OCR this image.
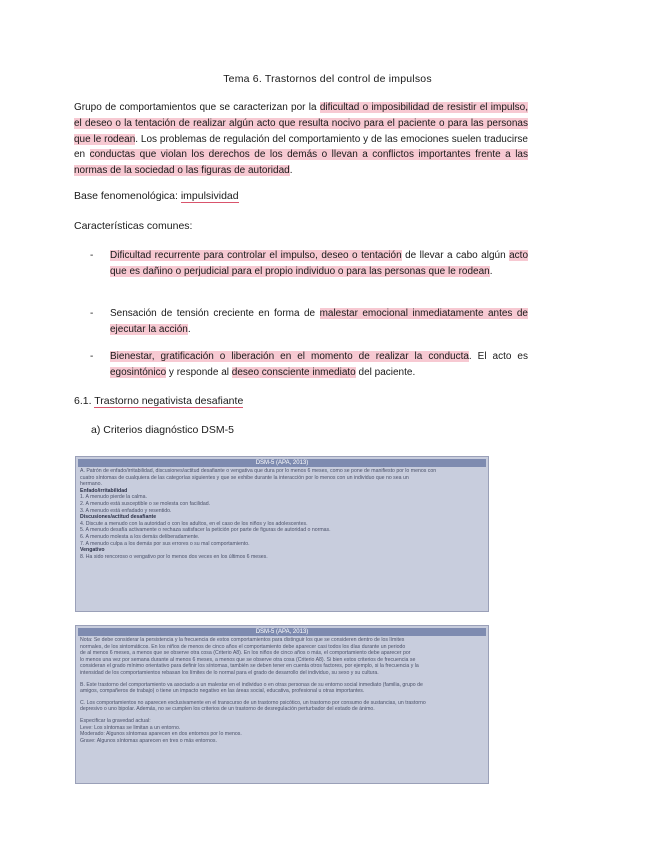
Tema 6. Trastornos del control de impulsos
Grupo de comportamientos que se caracterizan por la dificultad o imposibilidad de resistir el impulso, el deseo o la tentación de realizar algún acto que resulta nocivo para el paciente o para las personas que le rodean. Los problemas de regulación del comportamiento y de las emociones suelen traducirse en conductas que violan los derechos de los demás o llevan a conflictos importantes frente a las normas de la sociedad o las figuras de autoridad.
Base fenomenológica: impulsividad
Características comunes:
- Dificultad recurrente para controlar el impulso, deseo o tentación de llevar a cabo algún acto que es dañino o perjudicial para el propio individuo o para las personas que le rodean.
- Sensación de tensión creciente en forma de malestar emocional inmediatamente antes de ejecutar la acción.
- Bienestar, gratificación o liberación en el momento de realizar la conducta. El acto es egosintónico y responde al deseo consciente inmediato del paciente.
6.1. Trastorno negativista desafiante
a) Criterios diagnóstico DSM-5
DSM-5 (APA, 2013)
A. Patrón de enfado/irritabilidad, discusiones/actitud desafiante o vengativa que dura por lo menos 6 meses, como se pone de manifiesto por lo menos con
cuatro síntomas de cualquiera de las categorías siguientes y que se exhibe durante la interacción por lo menos con un individuo que no sea un
hermano.
Enfado/irritabilidad
1. A menudo pierde la calma.
2. A menudo está susceptible o se molesta con facilidad.
3. A menudo está enfadado y resentido.
Discusiones/actitud desafiante
4. Discute a menudo con la autoridad o con los adultos, en el caso de los niños y los adolescentes.
5. A menudo desafía activamente o rechaza satisfacer la petición por parte de figuras de autoridad o normas.
6. A menudo molesta a los demás deliberadamente.
7. A menudo culpa a los demás por sus errores o su mal comportamiento.
Vengativo
8. Ha sido rencoroso o vengativo por lo menos dos veces en los últimos 6 meses.
DSM-5 (APA, 2013)
Nota: Se debe considerar la persistencia y la frecuencia de estos comportamientos para distinguir los que se consideren dentro de los límites
normales, de los sintomáticos. En los niños de menos de cinco años el comportamiento debe aparecer casi todos los días durante un periodo
de al menos 6 meses, a menos que se observe otra cosa (Criterio A8). En los niños de cinco años o más, el comportamiento debe aparecer por
lo menos una vez por semana durante al menos 6 meses, a menos que se observe otra cosa (Criterio A8). Si bien estos criterios de frecuencia se
consideran el grado mínimo orientativo para definir los síntomas, también se deben tener en cuenta otros factores, por ejemplo, si la frecuencia y la
intensidad de los comportamientos rebasan los límites de lo normal para el grado de desarrollo del individuo, su sexo y su cultura.
B. Este trastorno del comportamiento va asociado a un malestar en el individuo o en otras personas de su entorno social inmediato (familia, grupo de
amigos, compañeros de trabajo) o tiene un impacto negativo en las áreas social, educativa, profesional u otras importantes.
C. Los comportamientos no aparecen exclusivamente en el transcurso de un trastorno psicótico, un trastorno por consumo de sustancias, un trastorno
depresivo o uno bipolar. Además, no se cumplen los criterios de un trastorno de desregulación perturbador del estado de ánimo.
Especificar la gravedad actual:
Leve: Los síntomas se limitan a un entorno.
Moderado: Algunos síntomas aparecen en dos entornos por lo menos.
Grave: Algunos síntomas aparecen en tres o más entornos.
